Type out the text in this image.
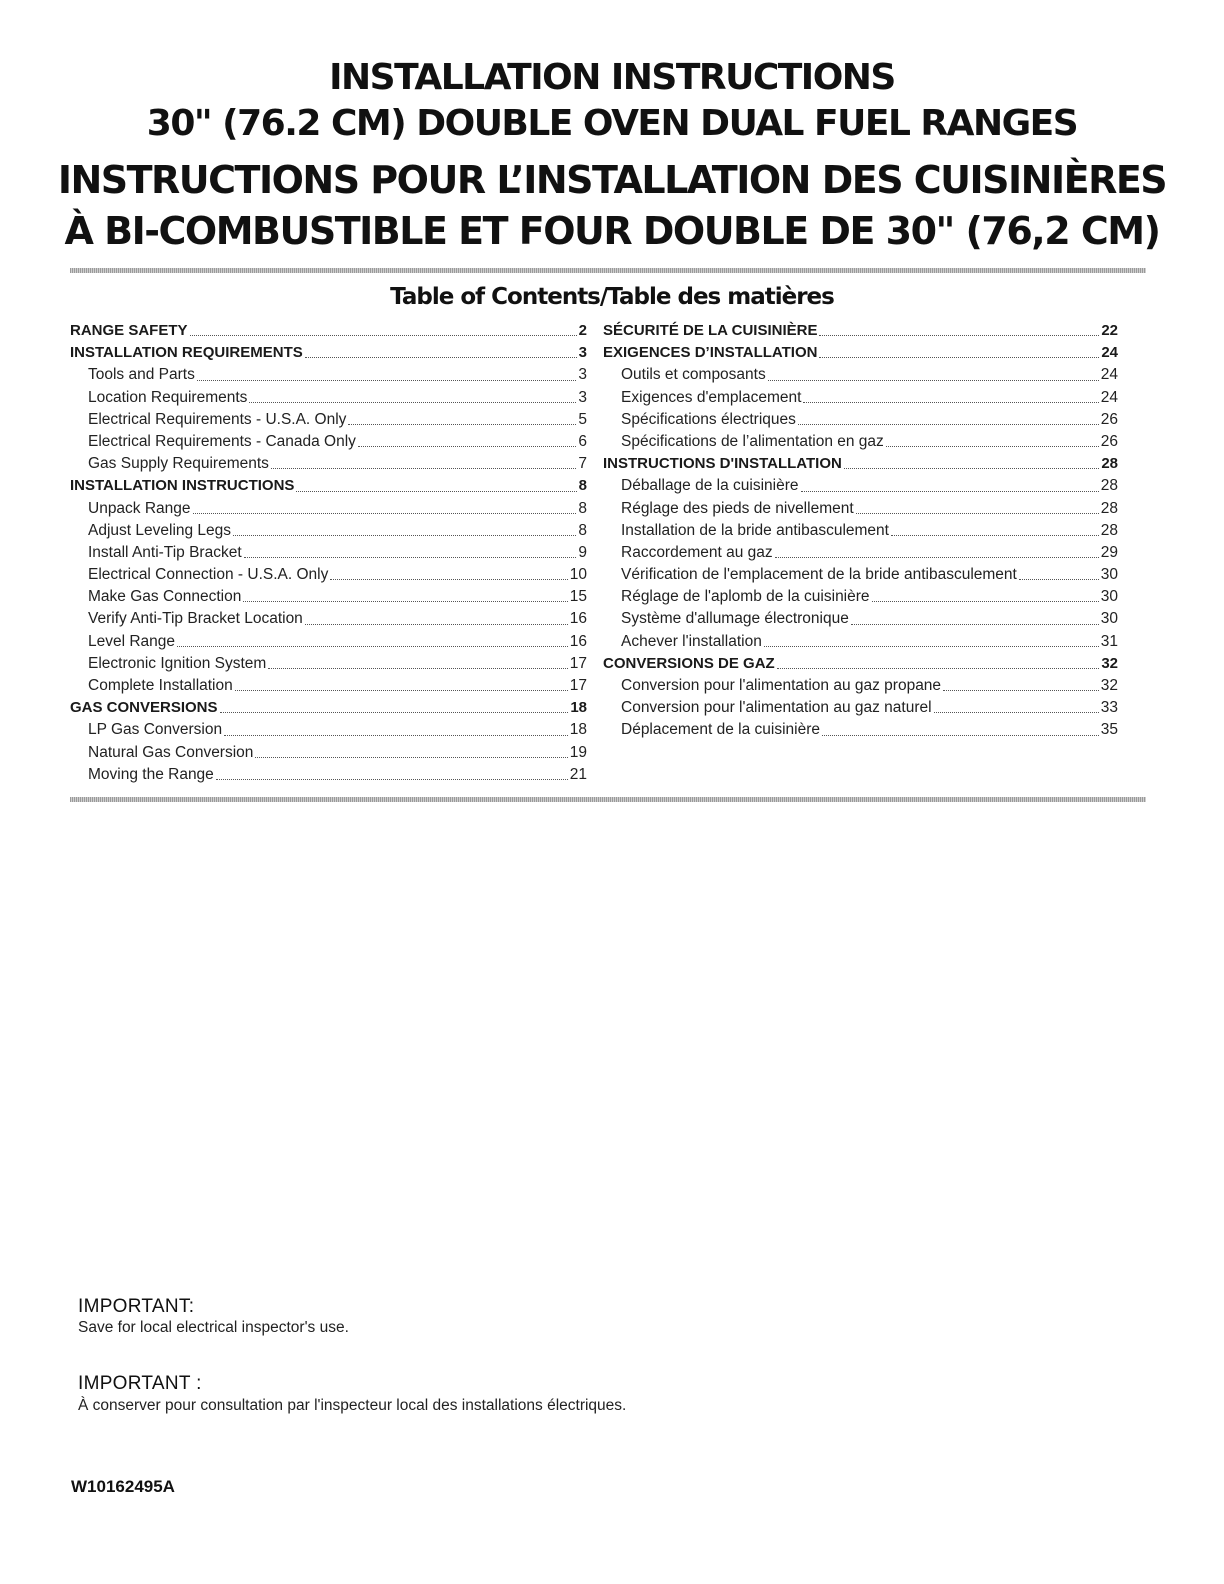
INSTALLATION INSTRUCTIONS
30" (76.2 CM) DOUBLE OVEN DUAL FUEL RANGES
INSTRUCTIONS POUR L’INSTALLATION DES CUISINIÈRES
À BI-COMBUSTIBLE ET FOUR DOUBLE DE 30" (76,2 CM)
Table of Contents/Table des matières
RANGE SAFETY	2
INSTALLATION REQUIREMENTS	3
Tools and Parts	3
Location Requirements	3
Electrical Requirements - U.S.A. Only	5
Electrical Requirements - Canada Only	6
Gas Supply Requirements	7
INSTALLATION INSTRUCTIONS	8
Unpack Range	8
Adjust Leveling Legs	8
Install Anti-Tip Bracket	9
Electrical Connection - U.S.A. Only	10
Make Gas Connection	15
Verify Anti-Tip Bracket Location	16
Level Range	16
Electronic Ignition System	17
Complete Installation	17
GAS CONVERSIONS	18
LP Gas Conversion	18
Natural Gas Conversion	19
Moving the Range	21
SÉCURITÉ DE LA CUISINIÈRE	22
EXIGENCES D’INSTALLATION	24
Outils et composants	24
Exigences d'emplacement	24
Spécifications électriques	26
Spécifications de l’alimentation en gaz	26
INSTRUCTIONS D'INSTALLATION	28
Déballage de la cuisinière	28
Réglage des pieds de nivellement	28
Installation de la bride antibasculement	28
Raccordement au gaz	29
Vérification de l'emplacement de la bride antibasculement	30
Réglage de l'aplomb de la cuisinière	30
Système d'allumage électronique	30
Achever l'installation	31
CONVERSIONS DE GAZ	32
Conversion pour l'alimentation au gaz propane	32
Conversion pour l'alimentation au gaz naturel	33
Déplacement de la cuisinière	35
IMPORTANT:
Save for local electrical inspector's use.
IMPORTANT :
À conserver pour consultation par l'inspecteur local des installations électriques.
W10162495A
